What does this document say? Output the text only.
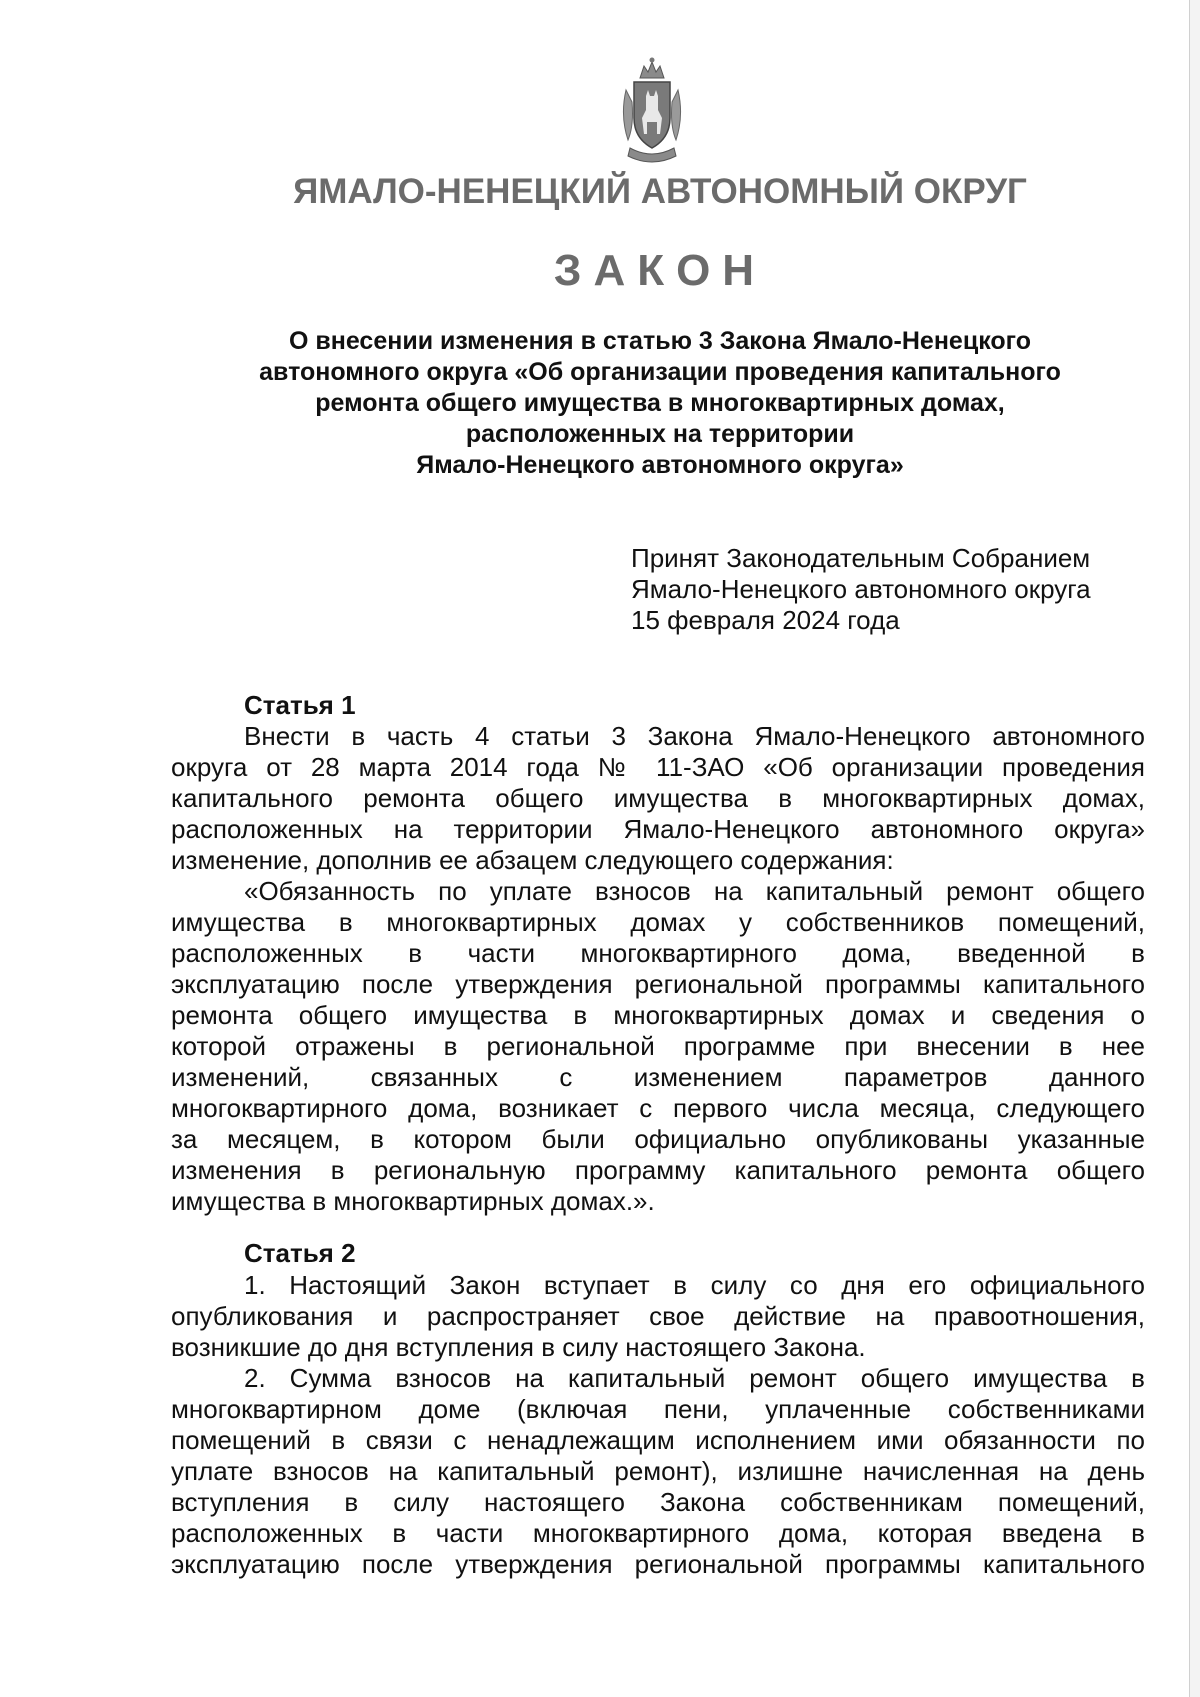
ЯМАЛО-НЕНЕЦКИЙ АВТОНОМНЫЙ ОКРУГ
ЗАКОН
О внесении изменения в статью 3 Закона Ямало-Ненецкого
автономного округа «Об организации проведения капитального
ремонта общего имущества в многоквартирных домах,
расположенных на территории
Ямало-Ненецкого автономного округа»
Принят Законодательным Собранием
Ямало-Ненецкого автономного округа
15 февраля 2024 года
Статья 1
Внести в часть 4 статьи 3 Закона Ямало-Ненецкого автономного
округа от 28 марта 2014 года № 11-ЗАО «Об организации проведения
капитального ремонта общего имущества в многоквартирных домах,
расположенных на территории Ямало-Ненецкого автономного округа»
изменение, дополнив ее абзацем следующего содержания:
«Обязанность по уплате взносов на капитальный ремонт общего
имущества в многоквартирных домах у собственников помещений,
расположенных в части многоквартирного дома, введенной в
эксплуатацию после утверждения региональной программы капитального
ремонта общего имущества в многоквартирных домах и сведения о
которой отражены в региональной программе при внесении в нее
изменений, связанных с изменением параметров данного
многоквартирного дома, возникает с первого числа месяца, следующего
за месяцем, в котором были официально опубликованы указанные
изменения в региональную программу капитального ремонта общего
имущества в многоквартирных домах.».
Статья 2
1. Настоящий Закон вступает в силу со дня его официального
опубликования и распространяет свое действие на правоотношения,
возникшие до дня вступления в силу настоящего Закона.
2. Сумма взносов на капитальный ремонт общего имущества в
многоквартирном доме (включая пени, уплаченные собственниками
помещений в связи с ненадлежащим исполнением ими обязанности по
уплате взносов на капитальный ремонт), излишне начисленная на день
вступления в силу настоящего Закона собственникам помещений,
расположенных в части многоквартирного дома, которая введена в
эксплуатацию после утверждения региональной программы капитального
